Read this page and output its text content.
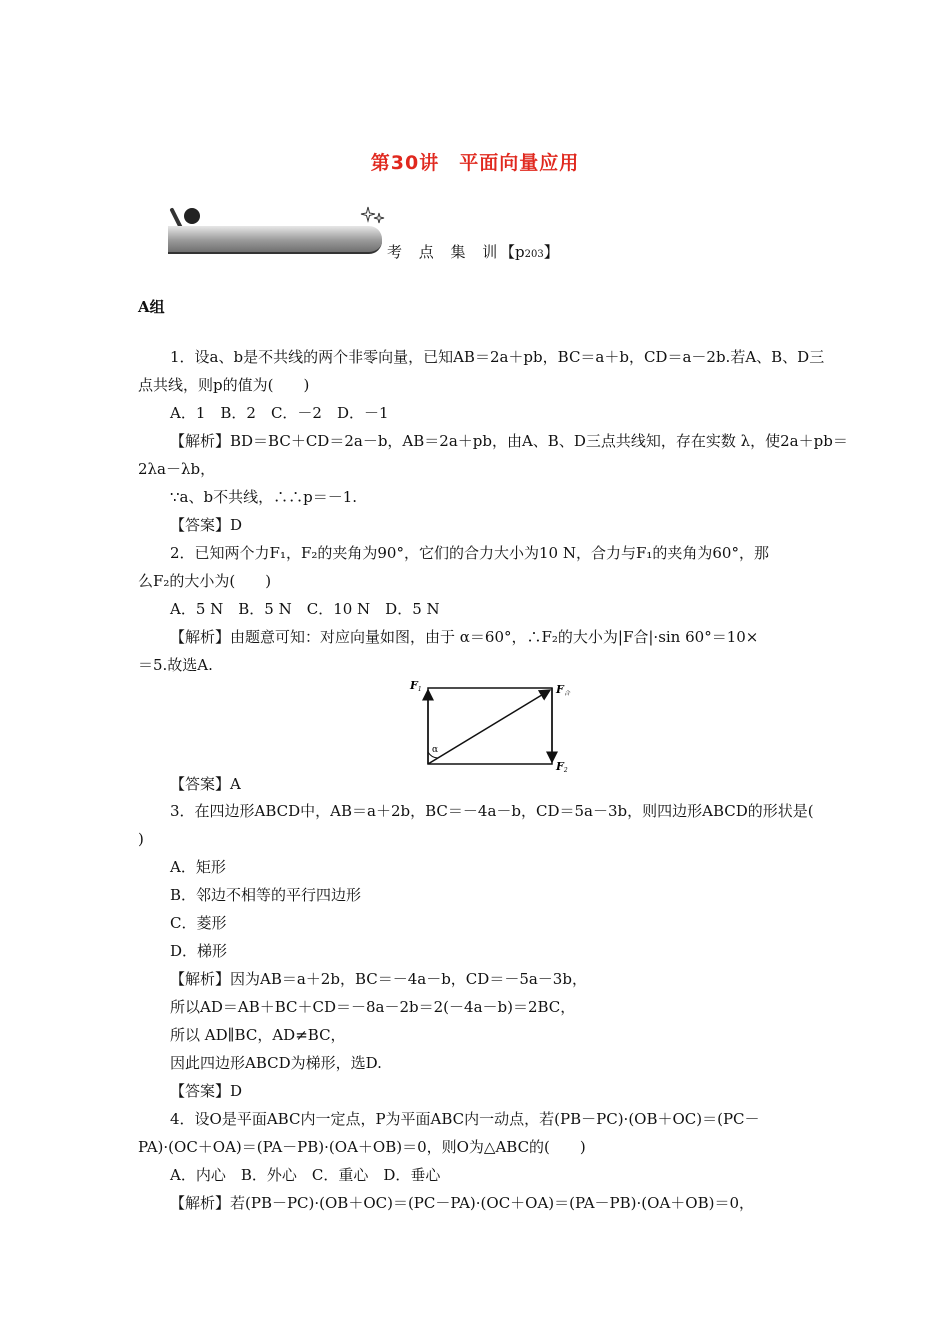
第30讲　平面向量应用
考 点 集 训
【p203】
A组
1．设a、b是不共线的两个非零向量，已知AB＝2a＋pb，BC＝a＋b，CD＝a－2b.若A、B、D三
点共线，则p的值为(　　)
A．1　B．2　C．－2　D．－1
【解析】BD＝BC＋CD＝2a－b，AB＝2a＋pb，由A、B、D三点共线知，存在实数 λ，使2a＋pb＝
2λa－λb，
∵a、b不共线，∴∴p＝－1.
【答案】D
2．已知两个力F₁，F₂的夹角为90°，它们的合力大小为10 N，合力与F₁的夹角为60°，那
么F₂的大小为(　　)
A．5 N　B．5 N　C．10 N　D．5 N
【解析】由题意可知：对应向量如图，由于 α＝60°，∴F₂的大小为|F合|·sin 60°＝10×
＝5.故选A.
α
F1	F合
F2
【答案】A
3．在四边形ABCD中，AB＝a＋2b，BC＝－4a－b，CD＝5a－3b，则四边形ABCD的形状是(
)
A．矩形
B．邻边不相等的平行四边形
C．菱形
D．梯形
【解析】因为AB＝a＋2b，BC＝－4a－b，CD＝－5a－3b，
所以AD＝AB＋BC＋CD＝－8a－2b＝2(－4a－b)＝2BC，
所以 AD∥BC，AD≠BC，
因此四边形ABCD为梯形，选D.
【答案】D
4．设O是平面ABC内一定点，P为平面ABC内一动点，若(PB－PC)·(OB＋OC)＝(PC－
PA)·(OC＋OA)＝(PA－PB)·(OA＋OB)＝0，则O为△ABC的(　　)
A．内心　B．外心　C．重心　D．垂心
【解析】若(PB－PC)·(OB＋OC)＝(PC－PA)·(OC＋OA)＝(PA－PB)·(OA＋OB)＝0，
